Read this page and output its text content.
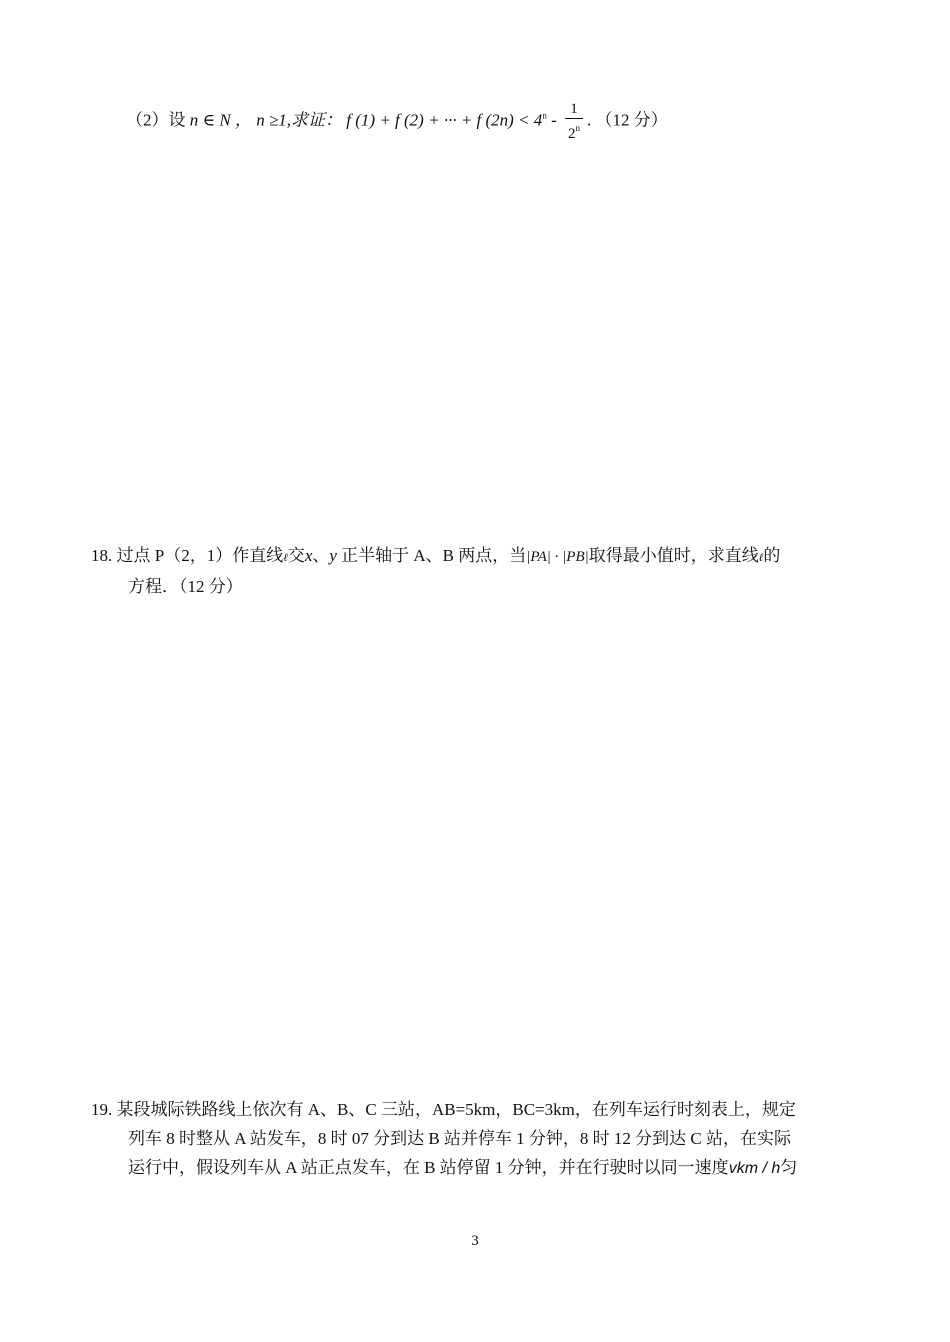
（2）设 n ∈ N ， n ≥1,求证： f (1) + f (2) + ··· + f $(2n) < 4^n - \frac{1}{2^n}$ . （12 分）
18. 过点 P（2，1）作直线ℓ交x、y 正半轴于 A、B 两点，当|PA| · |PB|取得最小值时，求直线ℓ的
方程．（12 分）
19. 某段城际铁路线上依次有 A、B、C 三站，AB=5km，BC=3km，在列车运行时刻表上，规定
列车 8 时整从 A 站发车，8 时 07 分到达 B 站并停车 1 分钟，8 时 12 分到达 C 站，在实际
运行中，假设列车从 A 站正点发车，在 B 站停留 1 分钟，并在行驶时以同一速度vkm / h匀
3
